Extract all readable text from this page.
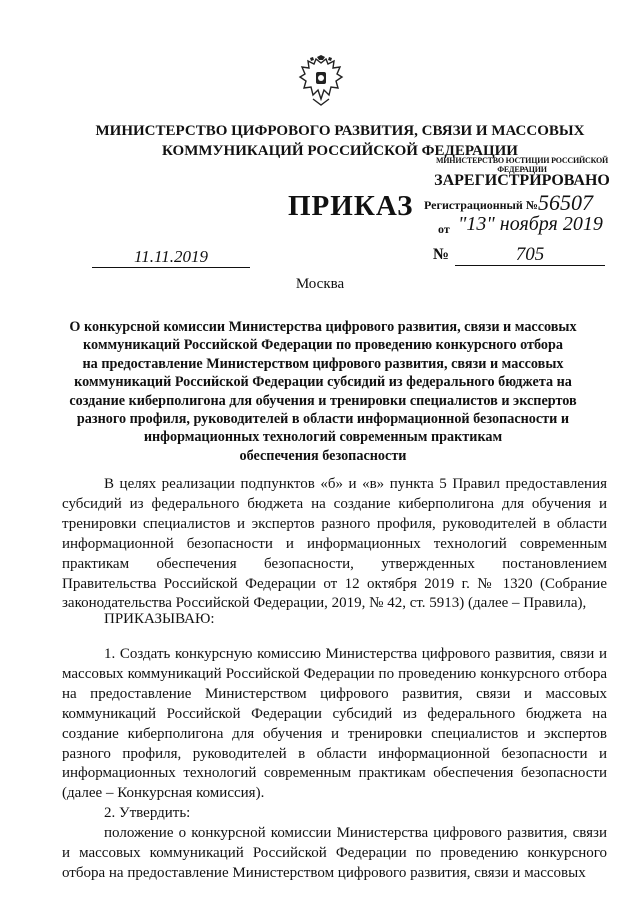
МИНИСТЕРСТВО ЦИФРОВОГО РАЗВИТИЯ, СВЯЗИ И МАССОВЫХ
КОММУНИКАЦИЙ РОССИЙСКОЙ ФЕДЕРАЦИИ
МИНИСТЕРСТВО ЮСТИЦИИ РОССИЙСКОЙ ФЕДЕРАЦИИ
ЗАРЕГИСТРИРОВАНО
Регистрационный № 56507
от "13" ноября 2019
ПРИКАЗ
11.11.2019	№	705
Москва
О конкурсной комиссии Министерства цифрового развития, связи и массовых
коммуникаций Российской Федерации по проведению конкурсного отбора
на предоставление Министерством цифрового развития, связи и массовых
коммуникаций Российской Федерации субсидий из федерального бюджета на
создание киберполигона для обучения и тренировки специалистов и экспертов
разного профиля, руководителей в области информационной безопасности и
информационных технологий современным практикам
обеспечения безопасности

В целях реализации подпунктов «б» и «в» пункта 5 Правил предоставления субсидий из федерального бюджета на создание киберполигона для обучения и тренировки специалистов и экспертов разного профиля, руководителей в области информационной безопасности и информационных технологий современным практикам обеспечения безопасности, утвержденных постановлением Правительства Российской Федерации от 12 октября 2019 г. № 1320 (Собрание законодательства Российской Федерации, 2019, № 42, ст. 5913) (далее – Правила),

ПРИКАЗЫВАЮ:

1. Создать конкурсную комиссию Министерства цифрового развития, связи и массовых коммуникаций Российской Федерации по проведению конкурсного отбора на предоставление Министерством цифрового развития, связи и массовых коммуникаций Российской Федерации субсидий из федерального бюджета на создание киберполигона для обучения и тренировки специалистов и экспертов разного профиля, руководителей в области информационной безопасности и информационных технологий современным практикам обеспечения безопасности (далее – Конкурсная комиссия).

2. Утвердить:

положение о конкурсной комиссии Министерства цифрового развития, связи и массовых коммуникаций Российской Федерации по проведению конкурсного отбора на предоставление Министерством цифрового развития, связи и массовых
